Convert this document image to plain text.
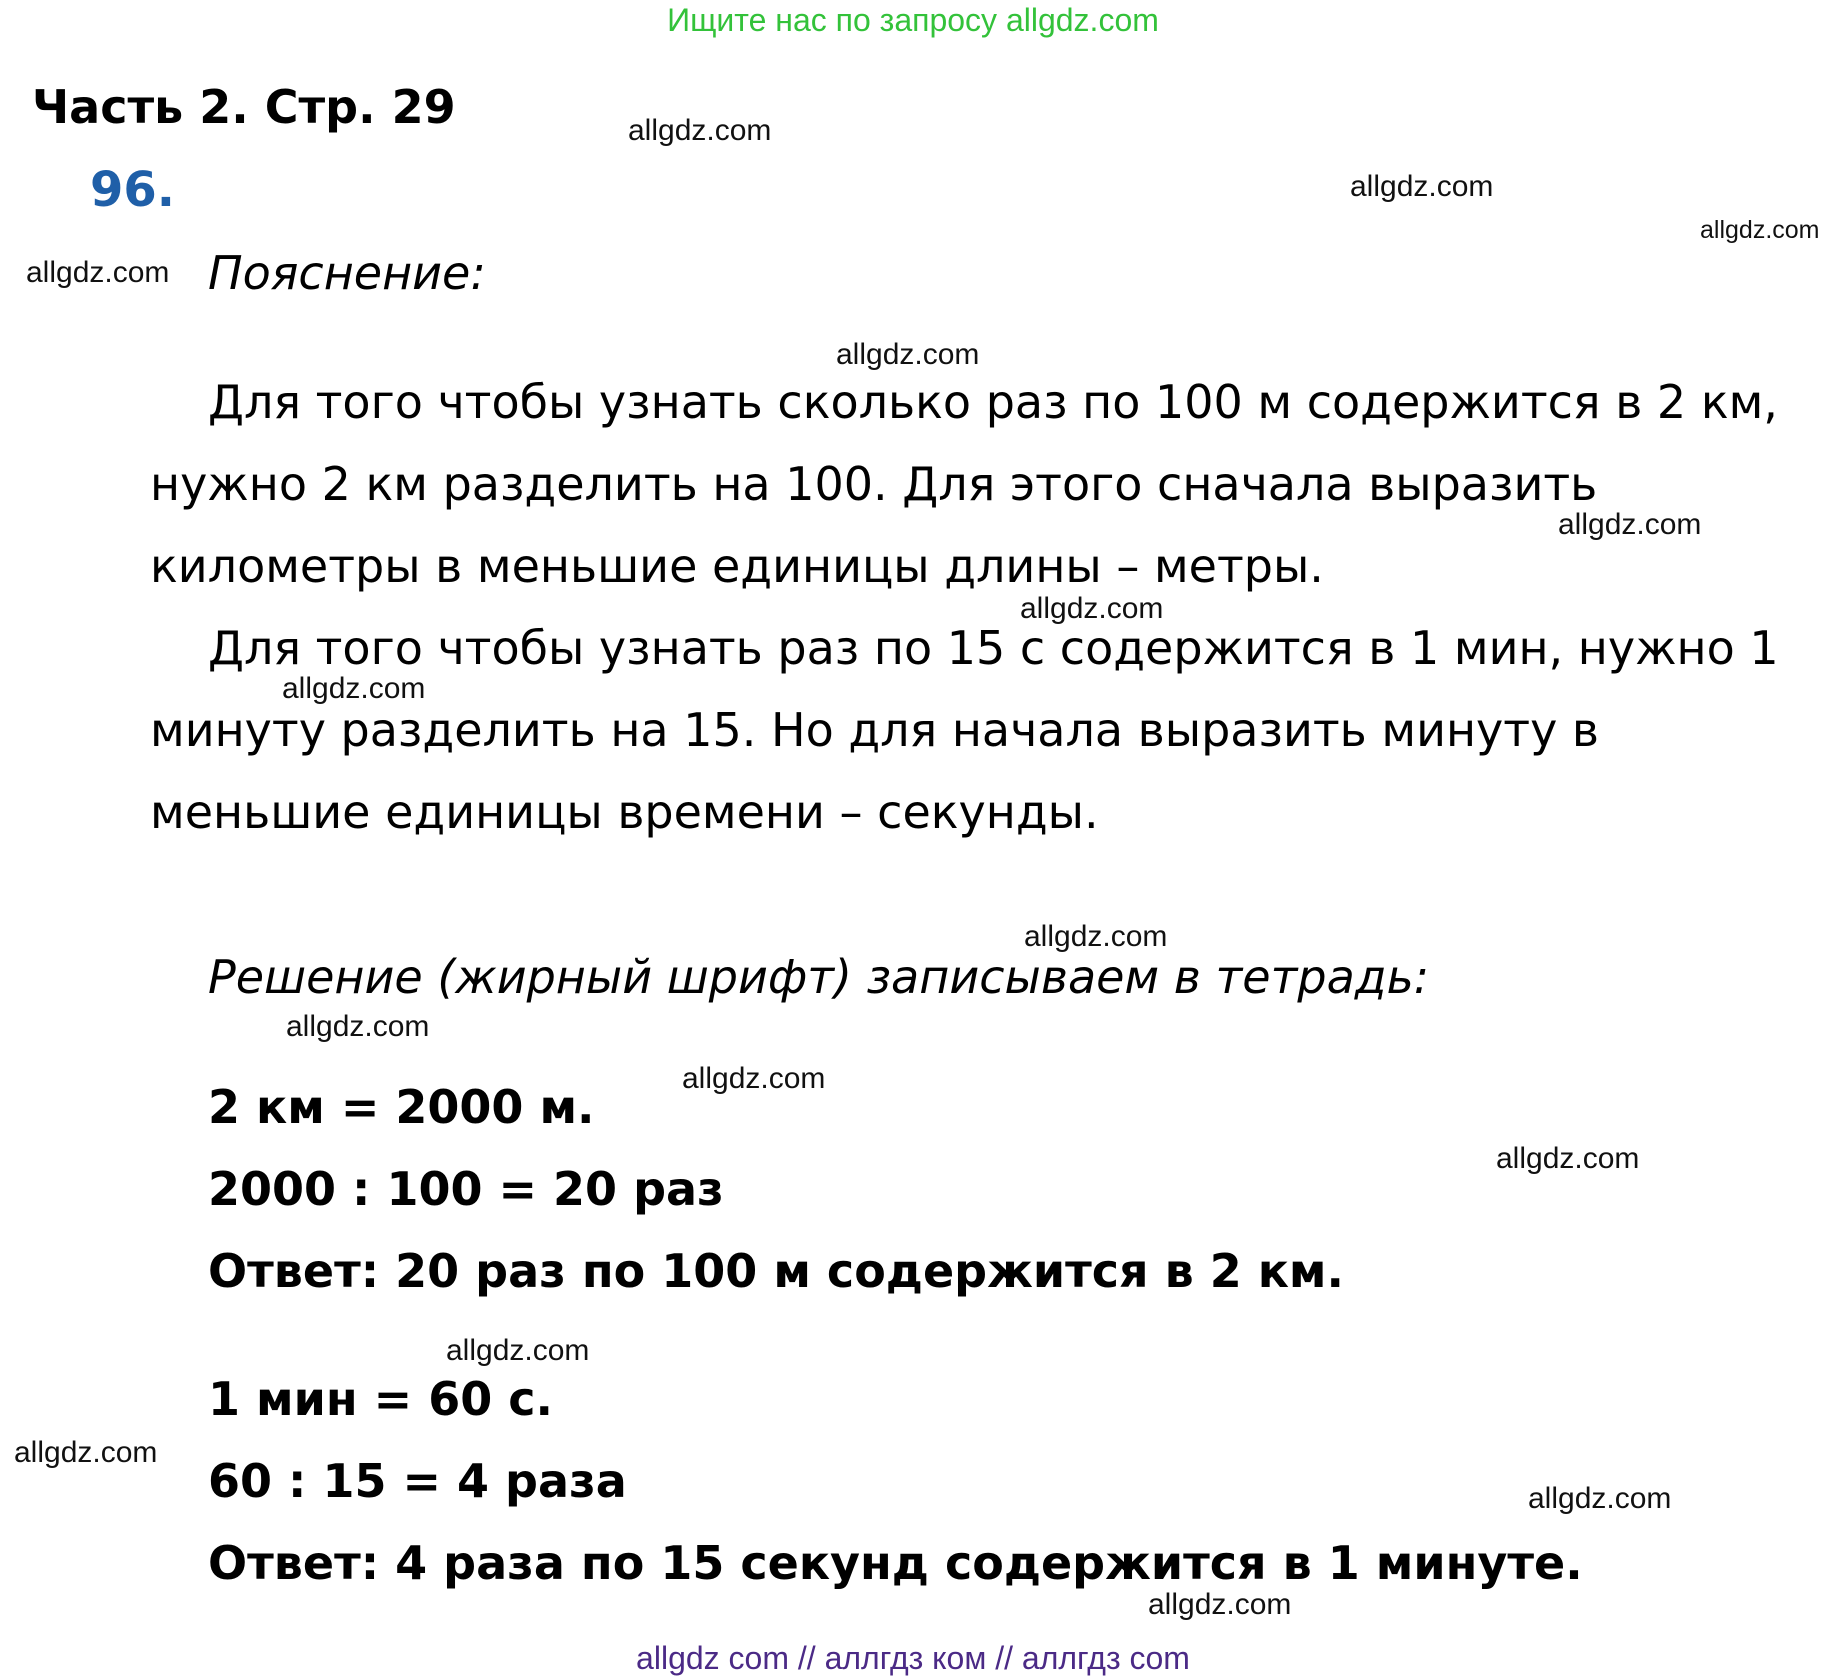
Ищите нас по запросу allgdz.com
Часть 2. Стр. 29
96.
Пояснение:
Для того чтобы узнать сколько раз по 100 м содержится в 2 км,
нужно 2 км разделить на 100. Для этого сначала выразить
километры в меньшие единицы длины – метры.
Для того чтобы узнать раз по 15 с содержится в 1 мин, нужно 1
минуту разделить на 15. Но для начала выразить минуту в
меньшие единицы времени – секунды.
Решение (жирный шрифт) записываем в тетрадь:
2 км = 2000 м.
2000 : 100 = 20 раз
Ответ: 20 раз по 100 м содержится в 2 км.
1 мин = 60 с.
60 : 15 = 4 раза
Ответ: 4 раза по 15 секунд содержится в 1 минуте.
allgdz.com
allgdz.com
allgdz.com
allgdz.com
allgdz.com
allgdz.com
allgdz.com
allgdz.com
allgdz.com
allgdz.com
allgdz.com
allgdz.com
allgdz.com
allgdz.com
allgdz.com
allgdz.com
allgdz com // аллгдз ком // аллгдз com
